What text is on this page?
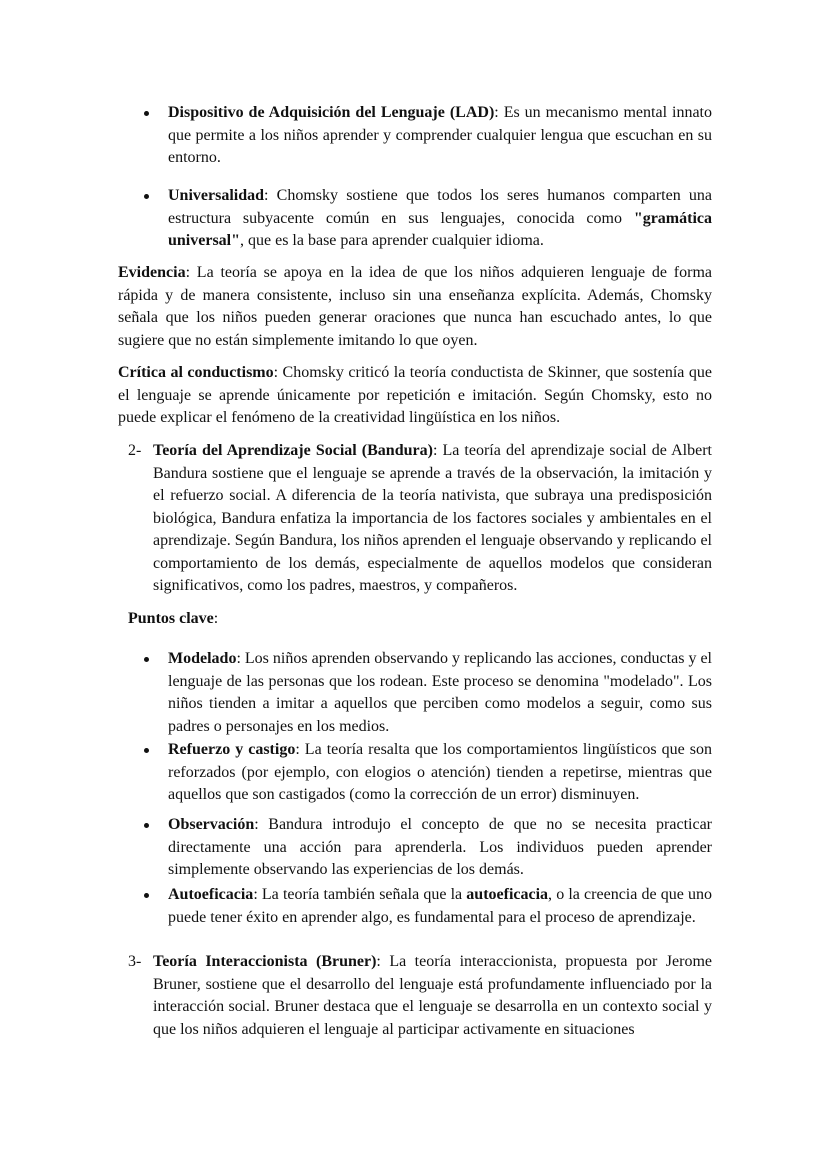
Dispositivo de Adquisición del Lenguaje (LAD): Es un mecanismo mental innato que permite a los niños aprender y comprender cualquier lengua que escuchan en su entorno.
Universalidad: Chomsky sostiene que todos los seres humanos comparten una estructura subyacente común en sus lenguajes, conocida como "gramática universal", que es la base para aprender cualquier idioma.
Evidencia: La teoría se apoya en la idea de que los niños adquieren lenguaje de forma rápida y de manera consistente, incluso sin una enseñanza explícita. Además, Chomsky señala que los niños pueden generar oraciones que nunca han escuchado antes, lo que sugiere que no están simplemente imitando lo que oyen.
Crítica al conductismo: Chomsky criticó la teoría conductista de Skinner, que sostenía que el lenguaje se aprende únicamente por repetición e imitación. Según Chomsky, esto no puede explicar el fenómeno de la creatividad lingüística en los niños.
2- Teoría del Aprendizaje Social (Bandura): La teoría del aprendizaje social de Albert Bandura sostiene que el lenguaje se aprende a través de la observación, la imitación y el refuerzo social. A diferencia de la teoría nativista, que subraya una predisposición biológica, Bandura enfatiza la importancia de los factores sociales y ambientales en el aprendizaje. Según Bandura, los niños aprenden el lenguaje observando y replicando el comportamiento de los demás, especialmente de aquellos modelos que consideran significativos, como los padres, maestros, y compañeros.
Puntos clave:
Modelado: Los niños aprenden observando y replicando las acciones, conductas y el lenguaje de las personas que los rodean. Este proceso se denomina "modelado". Los niños tienden a imitar a aquellos que perciben como modelos a seguir, como sus padres o personajes en los medios.
Refuerzo y castigo: La teoría resalta que los comportamientos lingüísticos que son reforzados (por ejemplo, con elogios o atención) tienden a repetirse, mientras que aquellos que son castigados (como la corrección de un error) disminuyen.
Observación: Bandura introdujo el concepto de que no se necesita practicar directamente una acción para aprenderla. Los individuos pueden aprender simplemente observando las experiencias de los demás.
Autoeficacia: La teoría también señala que la autoeficacia, o la creencia de que uno puede tener éxito en aprender algo, es fundamental para el proceso de aprendizaje.
3- Teoría Interaccionista (Bruner): La teoría interaccionista, propuesta por Jerome Bruner, sostiene que el desarrollo del lenguaje está profundamente influenciado por la interacción social. Bruner destaca que el lenguaje se desarrolla en un contexto social y que los niños adquieren el lenguaje al participar activamente en situaciones
